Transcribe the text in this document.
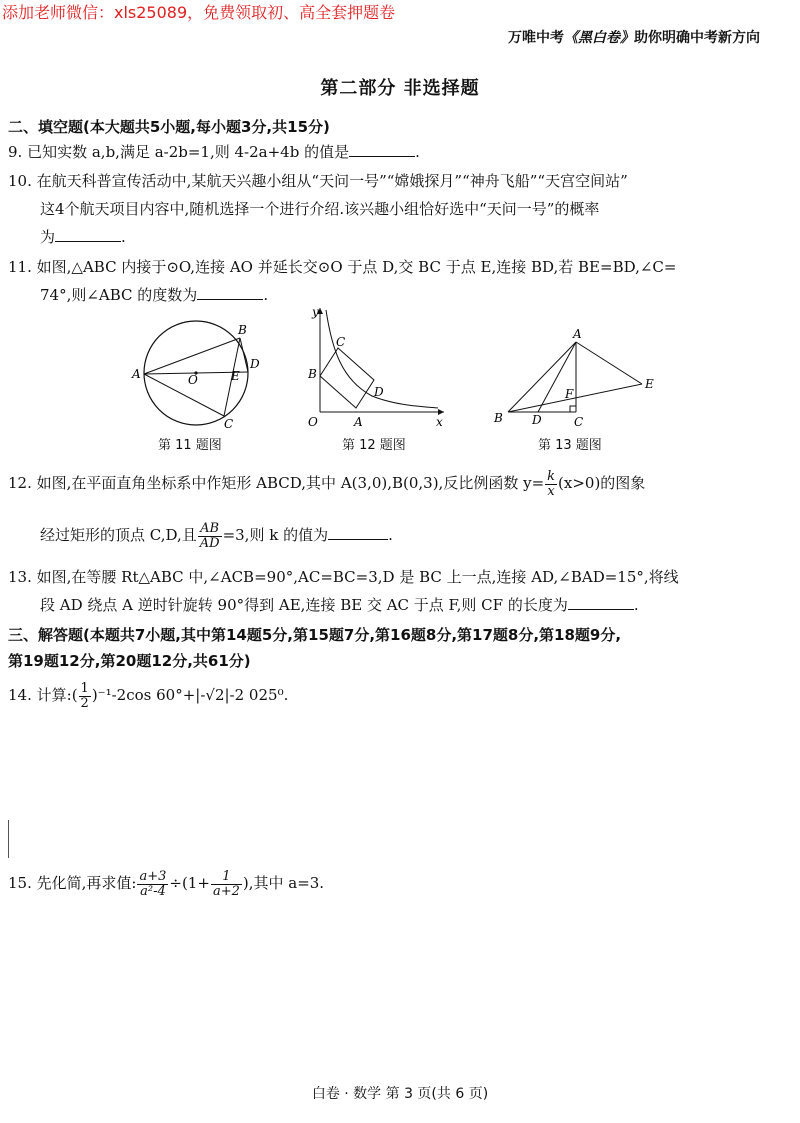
添加老师微信：xls25089，免费领取初、高全套押题卷
万唯中考《黑白卷》助你明确中考新方向
第二部分 非选择题
二、填空题(本大题共5小题,每小题3分,共15分)
9. 已知实数 a,b,满足 a-2b=1,则 4-2a+4b 的值是	.
10. 在航天科普宣传活动中,某航天兴趣小组从“天问一号”“嫦娥探月”“神舟飞船”“天宫空间站”
这4个航天项目内容中,随机选择一个进行介绍.该兴趣小组恰好选中“天问一号”的概率
为	.
11. 如图,△ABC 内接于⊙O,连接 AO 并延长交⊙O 于点 D,交 BC 于点 E,连接 BD,若 BE=BD,∠C=
74°,则∠ABC 的度数为	.
A
B
C
D
E
O
第 11 题图
y
x
O	A
B
C
D
第 12 题图
A
B	C
D
E
F
第 13 题图
12. 如图,在平面直角坐标系中作矩形 ABCD,其中 A(3,0),B(0,3),反比例函数 $y= \frac{k}{x} (x>0)$的图象
经过矩形的顶点 C,D,且 $\frac{AB}{AD} =3$,则 k 的值为	.
13. 如图,在等腰 Rt△ABC 中,∠ACB=90°,AC=BC=3,D 是 BC 上一点,连接 AD,∠BAD=15°,将线
段 AD 绕点 A 逆时针旋转 90°得到 AE,连接 BE 交 AC 于点 F,则 CF 的长度为	.
三、解答题(本题共7小题,其中第14题5分,第15题7分,第16题8分,第17题8分,第18题9分,
第19题12分,第20题12分,共61分)
14. 计算:( $\frac{1}{2} )^{-1}-2\cos$ 60°+|-√2|-2 025⁰.
15. 先化简,再求值: $\frac{a+3}{\text{a²-4}} \div(1+ \frac{1}{a+2}$ ),其中 a=3.
白卷 · 数学 第 3 页(共 6 页)
